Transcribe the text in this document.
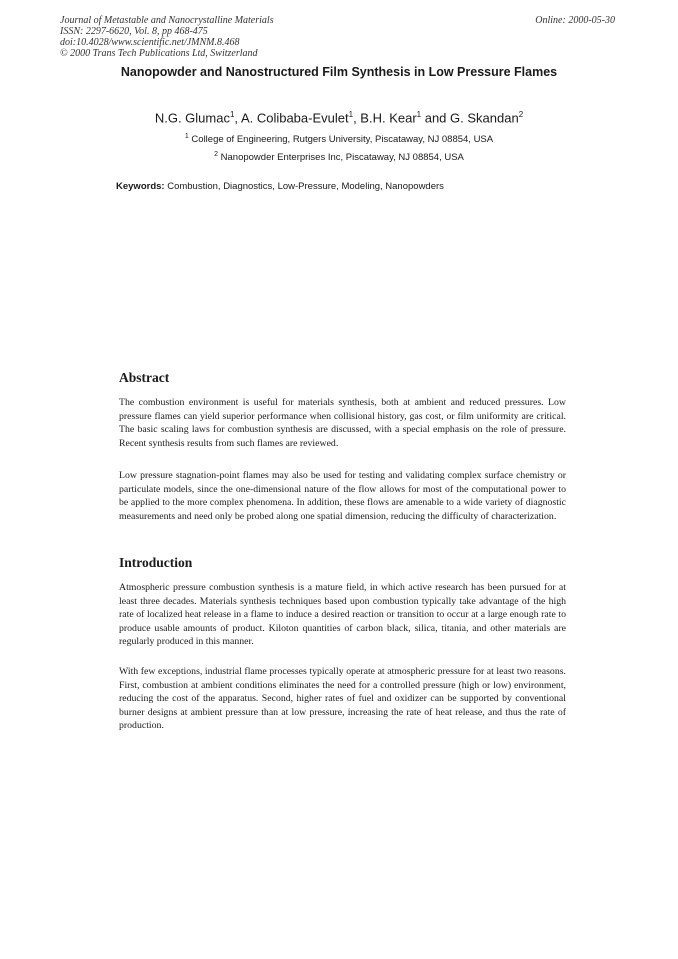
Journal of Metastable and Nanocrystalline Materials
ISSN: 2297-6620, Vol. 8, pp 468-475
doi:10.4028/www.scientific.net/JMNM.8.468
© 2000 Trans Tech Publications Ltd, Switzerland
Online: 2000-05-30
Nanopowder and Nanostructured Film Synthesis in Low Pressure Flames
N.G. Glumac$^1$, A. Colibaba-Evulet$^1$, B.H. Kear$^1$ and G. Skandan$^2$
$^1$ College of Engineering, Rutgers University, Piscataway, NJ 08854, USA
$^2$ Nanopowder Enterprises Inc, Piscataway, NJ 08854, USA
Keywords: Combustion, Diagnostics, Low-Pressure, Modeling, Nanopowders
Abstract
The combustion environment is useful for materials synthesis, both at ambient and reduced pressures. Low pressure flames can yield superior performance when collisional history, gas cost, or film uniformity are critical. The basic scaling laws for combustion synthesis are discussed, with a special emphasis on the role of pressure. Recent synthesis results from such flames are reviewed.
Low pressure stagnation-point flames may also be used for testing and validating complex surface chemistry or particulate models, since the one-dimensional nature of the flow allows for most of the computational power to be applied to the more complex phenomena. In addition, these flows are amenable to a wide variety of diagnostic measurements and need only be probed along one spatial dimension, reducing the difficulty of characterization.
Introduction
Atmospheric pressure combustion synthesis is a mature field, in which active research has been pursued for at least three decades. Materials synthesis techniques based upon combustion typically take advantage of the high rate of localized heat release in a flame to induce a desired reaction or transition to occur at a large enough rate to produce usable amounts of product. Kiloton quantities of carbon black, silica, titania, and other materials are regularly produced in this manner.
With few exceptions, industrial flame processes typically operate at atmospheric pressure for at least two reasons. First, combustion at ambient conditions eliminates the need for a controlled pressure (high or low) environment, reducing the cost of the apparatus. Second, higher rates of fuel and oxidizer can be supported by conventional burner designs at ambient pressure than at low pressure, increasing the rate of heat release, and thus the rate of production.
